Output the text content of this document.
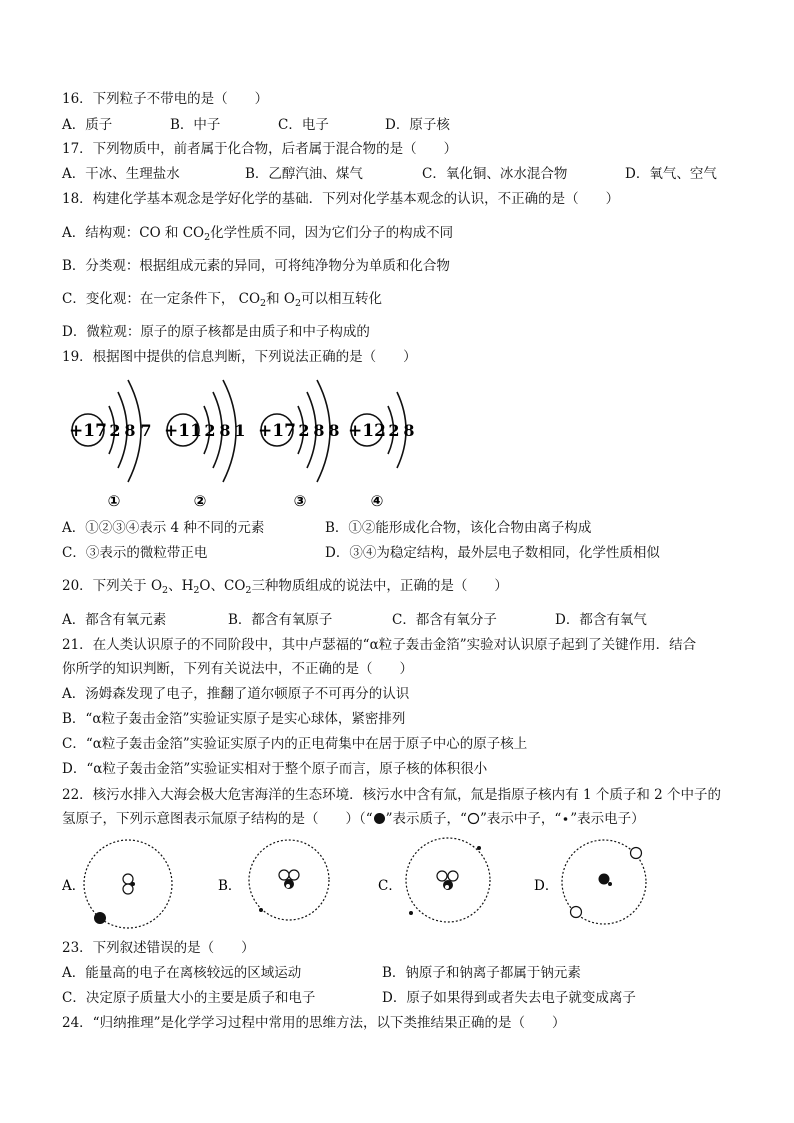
16．下列粒子不带电的是（　　）
A．质子	B．中子	C．电子	D．原子核
17．下列物质中，前者属于化合物，后者属于混合物的是（　　）
A．干冰、生理盐水	B．乙醇汽油、煤气	C．氧化铜、冰水混合物	D．氧气、空气
18．构建化学基本观念是学好化学的基础．下列对化学基本观念的认识，不正确的是（　　）
A．结构观：CO 和 $CO_2$化学性质不同，因为它们分子的构成不同
B．分类观：根据组成元素的异同，可将纯净物分为单质和化合物
C．变化观：在一定条件下， $CO_2$和 $O_2$可以相互转化
D．微粒观：原子的原子核都是由质子和中子构成的
19．根据图中提供的信息判断，下列说法正确的是（　　）
+17 2 8 7
①
+11 2 8 1
②
+17 2 8 8
③
+12 2 8
④
A．①②③④表示 4 种不同的元素	B．①②能形成化合物，该化合物由离子构成
C．③表示的微粒带正电	D．③④为稳定结构，最外层电子数相同，化学性质相似
20．下列关于 $O_2$、$H_2O$、$CO_2$三种物质组成的说法中，正确的是（　　）
A．都含有氧元素	B．都含有氧原子	C．都含有氧分子	D．都含有氧气
21．在人类认识原子的不同阶段中，其中卢瑟福的“α粒子轰击金箔”实验对认识原子起到了关键作用．结合
你所学的知识判断，下列有关说法中，不正确的是（　　）
A．汤姆森发现了电子，推翻了道尔顿原子不可再分的认识
B．“α粒子轰击金箔”实验证实原子是实心球体，紧密排列
C．“α粒子轰击金箔”实验证实原子内的正电荷集中在居于原子中心的原子核上
D．“α粒子轰击金箔”实验证实相对于整个原子而言，原子核的体积很小
22．核污水排入大海会极大危害海洋的生态环境．核污水中含有氚，氚是指原子核内有 1 个质子和 2 个中子的
氢原子，下列示意图表示氚原子结构的是（　　）（“ ”表示质子，“ ”表示中子，“ ”表示电子）
A．	B．	C．	D．
23．下列叙述错误的是（　　）
A．能量高的电子在离核较远的区域运动	B．钠原子和钠离子都属于钠元素
C．决定原子质量大小的主要是质子和电子	D．原子如果得到或者失去电子就变成离子
24．“归纳推理”是化学学习过程中常用的思维方法，以下类推结果正确的是（　　）
